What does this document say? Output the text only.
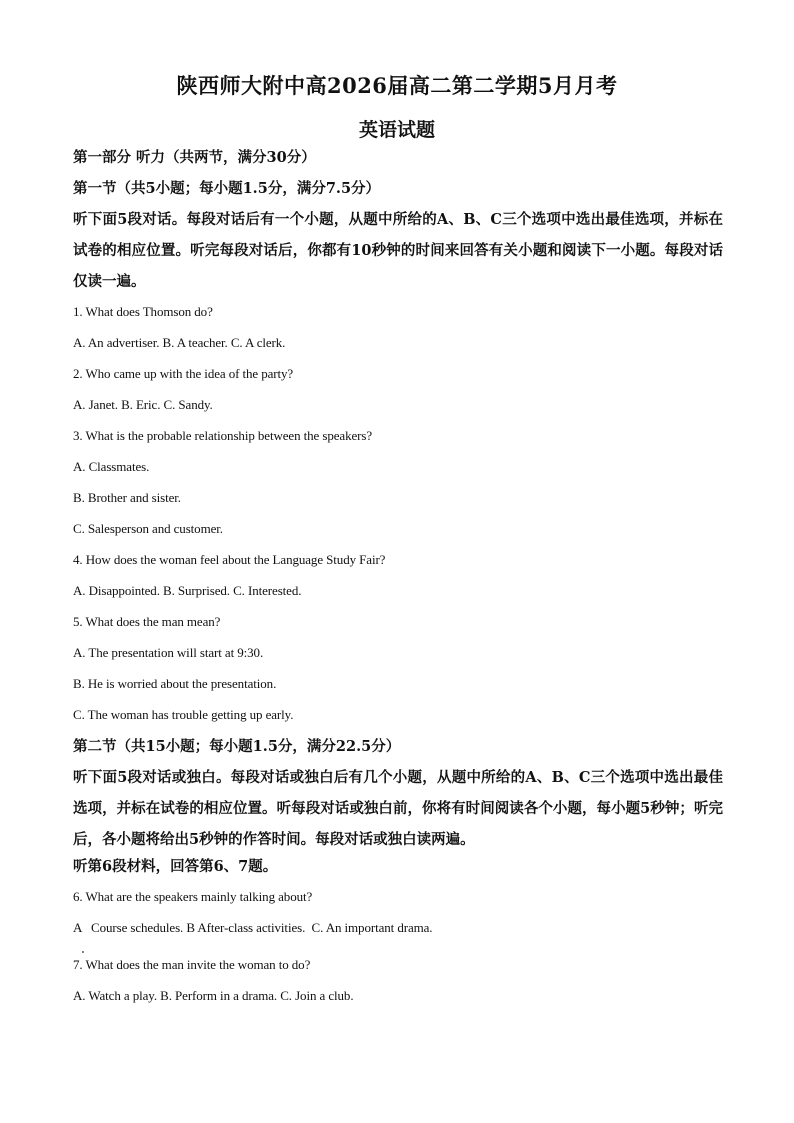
陕西师大附中高2026届高二第二学期5月月考
英语试题

第一部分 听力（共两节，满分30分）

第一节（共5小题；每小题1.5分，满分7.5分）

听下面5段对话。每段对话后有一个小题，从题中所给的A、B、C三个选项中选出最佳选项，并标在试卷的相应位置。听完每段对话后，你都有10秒钟的时间来回答有关小题和阅读下一小题。每段对话仅读一遍。

1. What does Thomson do?

A. An advertiser. B. A teacher. C. A clerk.

2. Who came up with the idea of the party?

A. Janet. B. Eric. C. Sandy.

3. What is the probable relationship between the speakers?

A. Classmates.

B. Brother and sister.

C. Salesperson and customer.

4. How does the woman feel about the Language Study Fair?

A. Disappointed. B. Surprised. C. Interested.

5. What does the man mean?

A. The presentation will start at 9:30.

B. He is worried about the presentation.

C. The woman has trouble getting up early.

第二节（共15小题；每小题1.5分，满分22.5分）

听下面5段对话或独白。每段对话或独白后有几个小题，从题中所给的A、B、C三个选项中选出最佳选项，并标在试卷的相应位置。听每段对话或独白前，你将有时间阅读各个小题，每小题5秒钟；听完后，各小题将给出5秒钟的作答时间。每段对话或独白读两遍。

听第6段材料，回答第6、7题。

6. What are the speakers mainly talking about?

A   Course schedules. B After-class activities.  C. An important drama.

7. What does the man invite the woman to do?

A. Watch a play. B. Perform in a drama. C. Join a club.
